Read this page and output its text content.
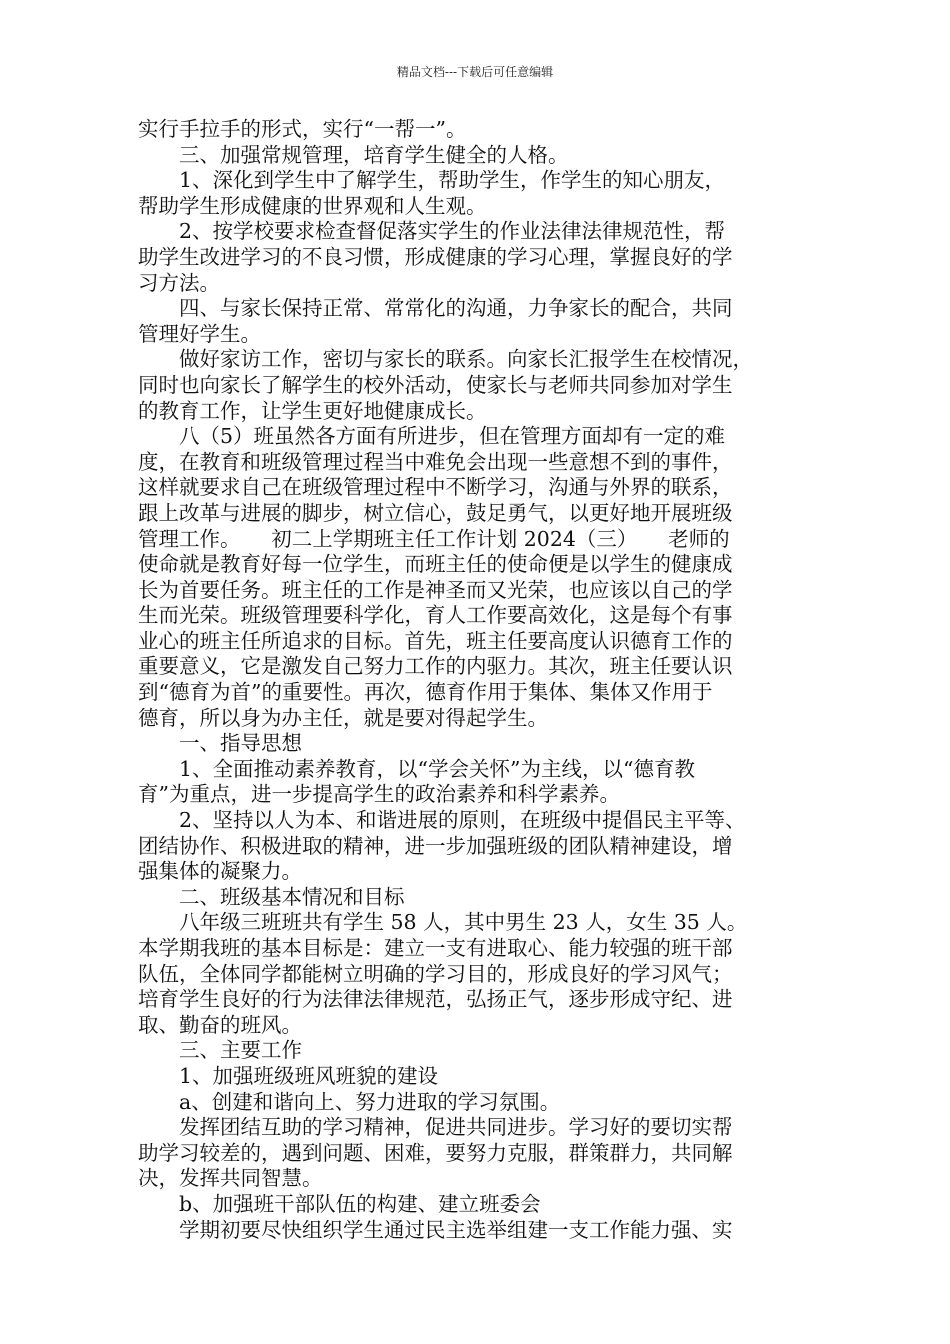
精品文档---下载后可任意编辑
实行手拉手的形式，实行“一帮一”。
　　三、加强常规管理，培育学生健全的人格。
　　1、深化到学生中了解学生，帮助学生，作学生的知心朋友，
帮助学生形成健康的世界观和人生观。
　　2、按学校要求检查督促落实学生的作业法律法律规范性，帮
助学生改进学习的不良习惯，形成健康的学习心理，掌握良好的学
习方法。
　　四、与家长保持正常、常常化的沟通，力争家长的配合，共同
管理好学生。
　　做好家访工作，密切与家长的联系。向家长汇报学生在校情况，
同时也向家长了解学生的校外活动，使家长与老师共同参加对学生
的教育工作，让学生更好地健康成长。
　　八（5）班虽然各方面有所进步，但在管理方面却有一定的难
度，在教育和班级管理过程当中难免会出现一些意想不到的事件，
这样就要求自己在班级管理过程中不断学习，沟通与外界的联系，
跟上改革与进展的脚步，树立信心，鼓足勇气，以更好地开展班级
管理工作。　　初二上学期班主任工作计划 2024（三）　　老师的
使命就是教育好每一位学生，而班主任的使命便是以学生的健康成
长为首要任务。班主任的工作是神圣而又光荣，也应该以自己的学
生而光荣。班级管理要科学化，育人工作要高效化，这是每个有事
业心的班主任所追求的目标。首先，班主任要高度认识德育工作的
重要意义，它是激发自己努力工作的内驱力。其次，班主任要认识
到“德育为首”的重要性。再次，德育作用于集体、集体又作用于
德育，所以身为办主任，就是要对得起学生。
　　一、指导思想
　　1、全面推动素养教育，以“学会关怀”为主线，以“德育教
育”为重点，进一步提高学生的政治素养和科学素养。
　　2、坚持以人为本、和谐进展的原则，在班级中提倡民主平等、
团结协作、积极进取的精神，进一步加强班级的团队精神建设，增
强集体的凝聚力。
　　二、班级基本情况和目标
　　八年级三班班共有学生 58 人，其中男生 23 人，女生 35 人。
本学期我班的基本目标是：建立一支有进取心、能力较强的班干部
队伍，全体同学都能树立明确的学习目的，形成良好的学习风气；
培育学生良好的行为法律法律规范，弘扬正气，逐步形成守纪、进
取、勤奋的班风。
　　三、主要工作
　　1、加强班级班风班貌的建设
　　a、创建和谐向上、努力进取的学习氛围。
　　发挥团结互助的学习精神，促进共同进步。学习好的要切实帮
助学习较差的，遇到问题、困难，要努力克服，群策群力，共同解
决，发挥共同智慧。
　　b、加强班干部队伍的构建、建立班委会
　　学期初要尽快组织学生通过民主选举组建一支工作能力强、实
